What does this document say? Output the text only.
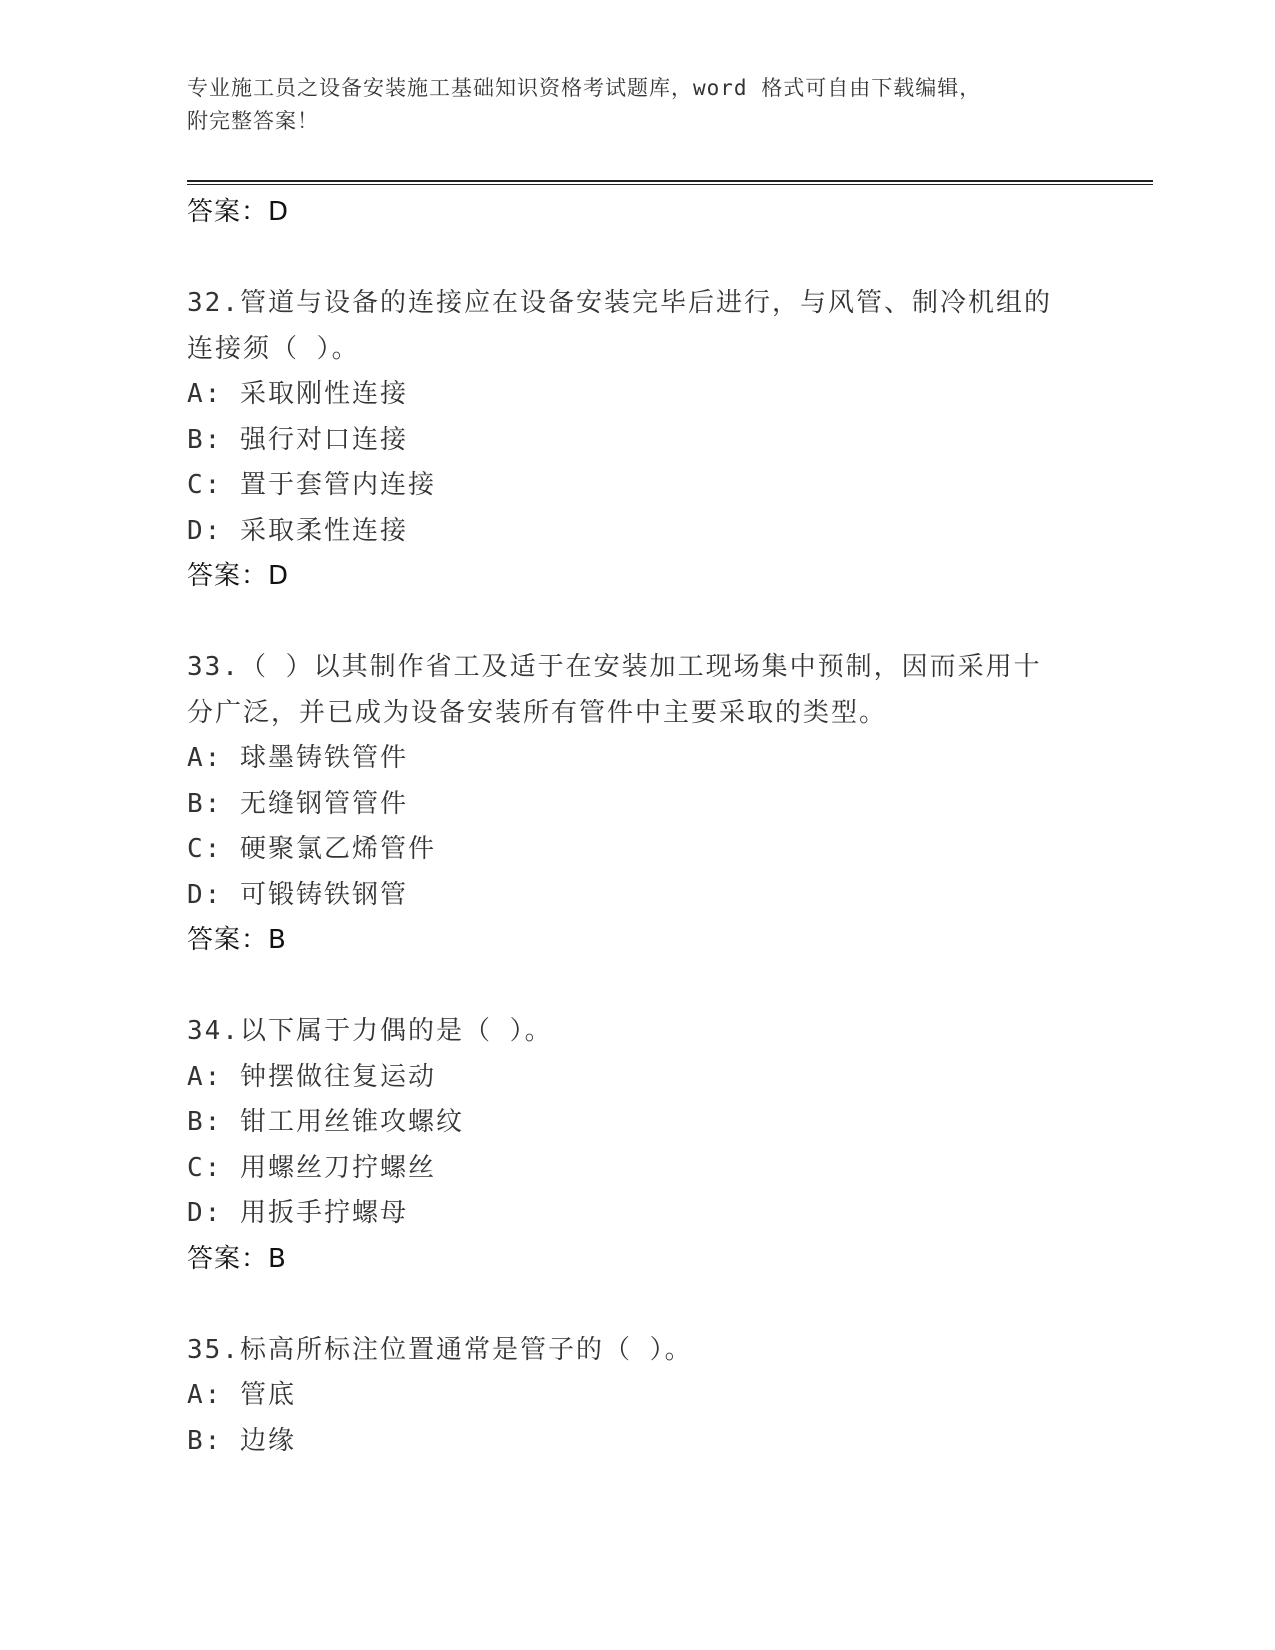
专业施工员之设备安装施工基础知识资格考试题库，word 格式可自由下载编辑，
附完整答案！
答案：D
32.管道与设备的连接应在设备安装完毕后进行，与风管、制冷机组的
连接须（ ）。
A: 采取刚性连接
B: 强行对口连接
C: 置于套管内连接
D: 采取柔性连接
答案：D
33.（ ）以其制作省工及适于在安装加工现场集中预制，因而采用十
分广泛，并已成为设备安装所有管件中主要采取的类型。
A: 球墨铸铁管件
B: 无缝钢管管件
C: 硬聚氯乙烯管件
D: 可锻铸铁钢管
答案：B
34.以下属于力偶的是（ ）。
A: 钟摆做往复运动
B: 钳工用丝锥攻螺纹
C: 用螺丝刀拧螺丝
D: 用扳手拧螺母
答案：B
35.标高所标注位置通常是管子的（ ）。
A: 管底
B: 边缘
